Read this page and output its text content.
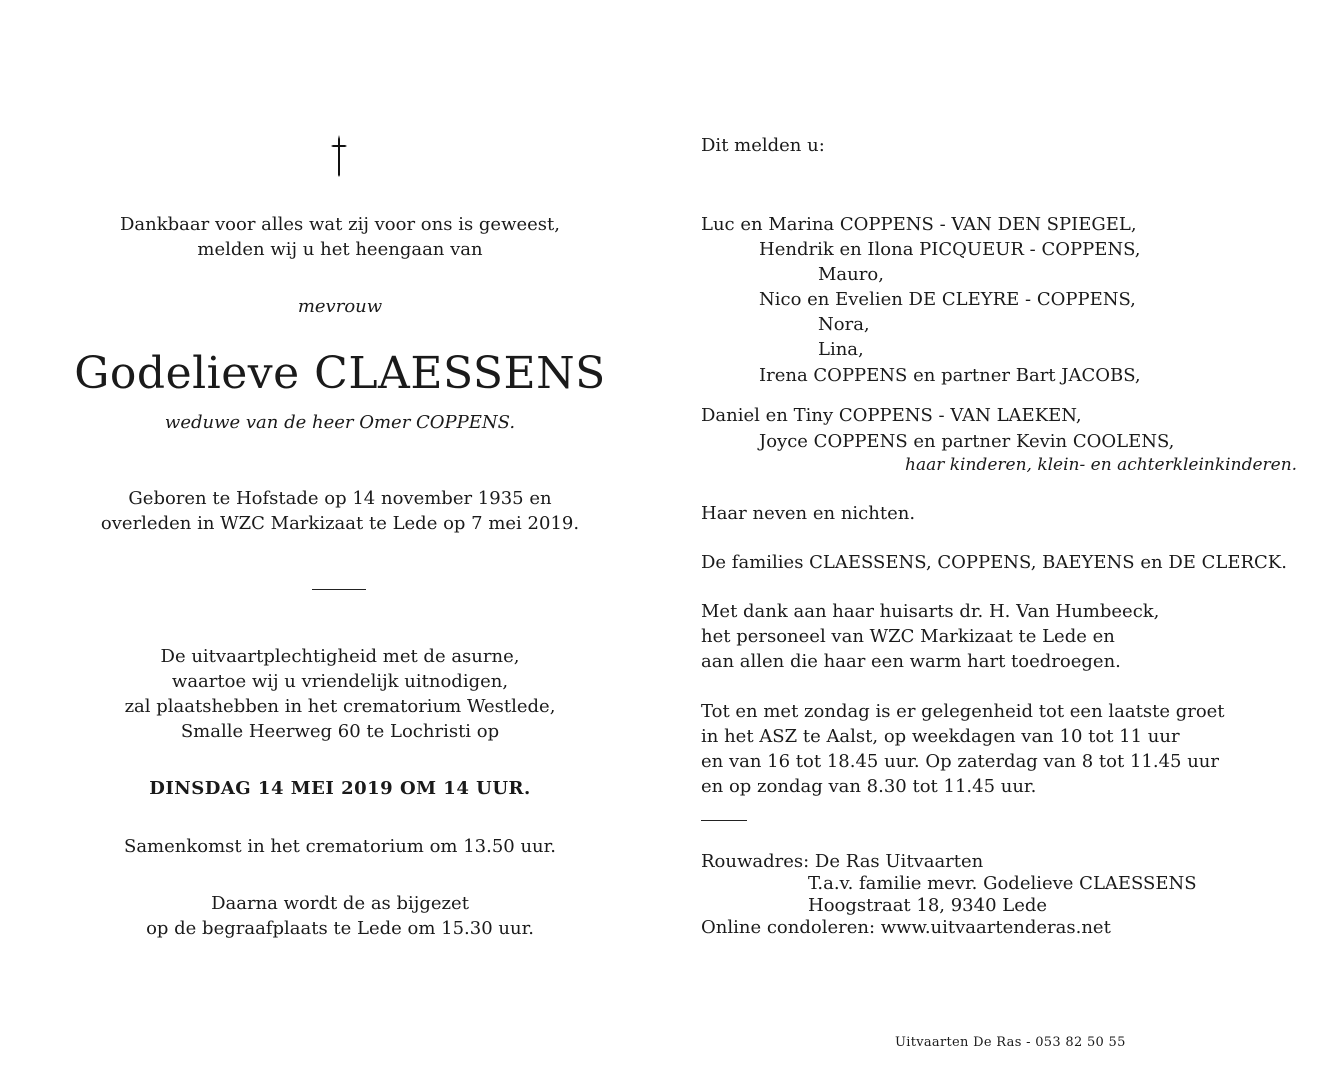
Dankbaar voor alles wat zij voor ons is geweest,
melden wij u het heengaan van
mevrouw
Godelieve CLAESSENS
weduwe van de heer Omer COPPENS.
Geboren te Hofstade op 14 november 1935 en
overleden in WZC Markizaat te Lede op 7 mei 2019.
De uitvaartplechtigheid met de asurne,
waartoe wij u vriendelijk uitnodigen,
zal plaatshebben in het crematorium Westlede,
Smalle Heerweg 60 te Lochristi op
DINSDAG 14 MEI 2019 OM 14 UUR.
Samenkomst in het crematorium om 13.50 uur.
Daarna wordt de as bijgezet
op de begraafplaats te Lede om 15.30 uur.
Dit melden u:
Luc en Marina COPPENS - VAN DEN SPIEGEL,
Hendrik en Ilona PICQUEUR - COPPENS,
Mauro,
Nico en Evelien DE CLEYRE - COPPENS,
Nora,
Lina,
Irena COPPENS en partner Bart JACOBS,
Daniel en Tiny COPPENS - VAN LAEKEN,
Joyce COPPENS en partner Kevin COOLENS,
haar kinderen, klein- en achterkleinkinderen.
Haar neven en nichten.
De families CLAESSENS, COPPENS, BAEYENS en DE CLERCK.
Met dank aan haar huisarts dr. H. Van Humbeeck,
het personeel van WZC Markizaat te Lede en
aan allen die haar een warm hart toedroegen.
Tot en met zondag is er gelegenheid tot een laatste groet
in het ASZ te Aalst, op weekdagen van 10 tot 11 uur
en van 16 tot 18.45 uur. Op zaterdag van 8 tot 11.45 uur
en op zondag van 8.30 tot 11.45 uur.
Rouwadres: De Ras Uitvaarten
T.a.v. familie mevr. Godelieve CLAESSENS
Hoogstraat 18, 9340 Lede
Online condoleren: www.uitvaartenderas.net
Uitvaarten De Ras - 053 82 50 55
